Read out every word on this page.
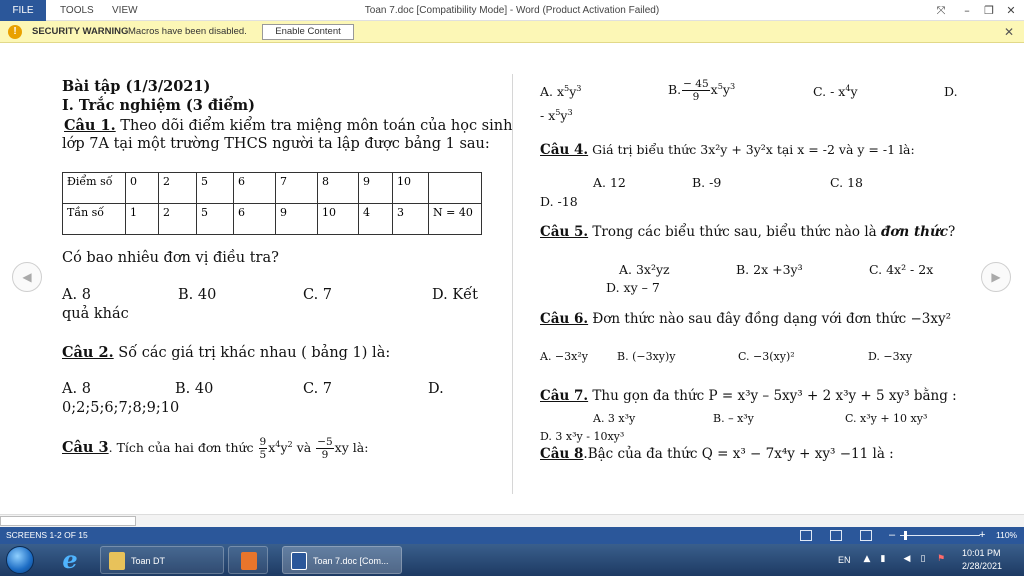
Toan 7.doc [Compatibility Mode] - Word (Product Activation Failed)
FILE	TOOLS VIEW	⤧	–	❐	✕
!	SECURITY WARNING Macros have been disabled.	Enable Content	✕
◀	▶
Bài tập (1/3/2021)
I. Trắc nghiệm (3 điểm)
Câu 1. Theo dõi điểm kiểm tra miệng môn toán của học sinh
lớp 7A tại một trường THCS người ta lập được bảng 1 sau:
Điểm số	0	2	5	6	7	8	9	10	
Tần số	1	2	5	6	9	10	4	3	N = 40
Có bao nhiêu đơn vị điều tra?
A. 8	B. 40	C. 7	D. Kết
quả khác
Câu 2. Số các giá trị khác nhau ( bảng 1) là:
A. 8	B. 40	C. 7	D.
0;2;5;6;7;8;9;10
Câu 3. Tích của hai đơn thức $\frac{9}{5} x^4y^2$ và $\frac{-5}{9}$ xy là:
A. $x^5y^3$	B. $\frac{- 45}{9} x^5y^3$	C. - $x^4y$	D.
- $x^5y^3$
Câu 4. Giá trị biểu thức 3x²y + 3y²x tại x = -2 và y = -1 là:
A. 12	B. -9	C. 18
D. -18
Câu 5. Trong các biểu thức sau, biểu thức nào là đơn thức?
A. 3x²yz	B. 2x +3y³	C. 4x² - 2x
D. xy – 7
Câu 6. Đơn thức nào sau đây đồng dạng với đơn thức −3xy²
A. −3x²y	B. (−3xy)y	C. −3(xy)²	D. −3xy
Câu 7. Thu gọn đa thức P = x³y – 5xy³ + 2 x³y + 5 xy³ bằng :
A. 3 x³y	B. – x³y	C. x³y + 10 xy³
D. 3 x³y - 10xy³
Câu 8.Bậc của đa thức Q = x³ − 7x⁴y + xy³ −11 là :
SCREENS 1-2 OF 15	–	+ 110%
e	Toan DT	Toan 7.doc [Com...	EN ▲ ▮ ◀ ▯ ⚑
10:01 PM
2/28/2021
